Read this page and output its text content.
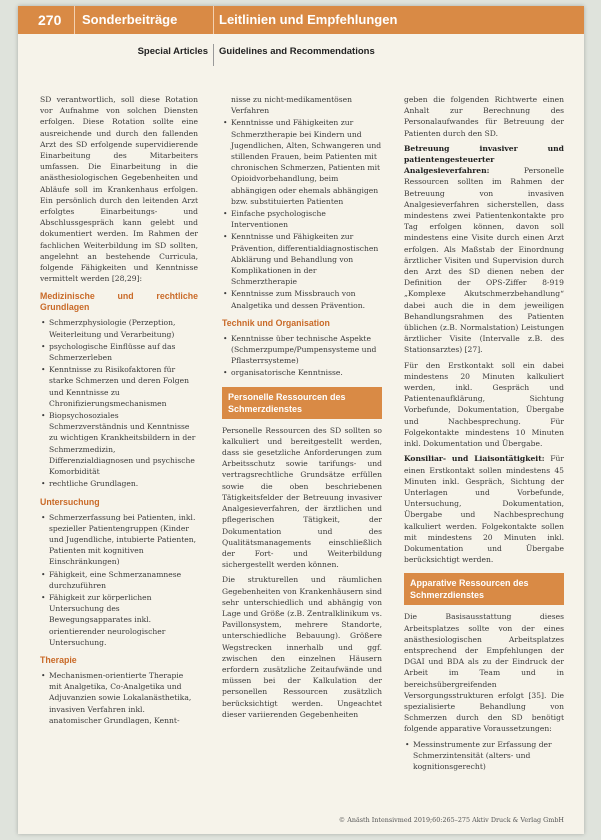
270 Sonderbeiträge	Leitlinien und Empfehlungen
Special Articles Guidelines and Recommendations

SD verantwortlich, soll diese Rotation vor Aufnahme von solchen Diensten erfolgen. Diese Rotation sollte eine ausreichende und durch den fallenden Arzt des SD erfolgende supervidierende Einarbeitung des Mitarbeiters umfassen. Die Einarbeitung in die anästhesiologischen Gegebenheiten und Abläufe soll im Krankenhaus erfolgen. Ein persönlich durch den leitenden Arzt erfolgtes Einarbeitungs- und Abschlussgespräch kann gelebt und dokumentiert werden. Im Rahmen der fachlichen Weiterbildung im SD sollten, angelehnt an bestehende Curricula, folgende Fähigkeiten und Kenntnisse vermittelt werden [28,29]:

Medizinische und rechtliche Grundlagen
• Schmerzphysiologie (Perzeption, Weiterleitung und Verarbeitung)
• psychologische Einflüsse auf das Schmerzerleben
• Kenntnisse zu Risikofaktoren für starke Schmerzen und deren Folgen und Kenntnisse zu Chronifizierungsmechanismen
• Biopsychosoziales Schmerzverständnis und Kenntnisse zu wichtigen Krankheitsbildern in der Schmerzmedizin, Differenzialdiagnosen und psychische Komorbidität
• rechtliche Grundlagen.
Untersuchung
• Schmerzerfassung bei Patienten, inkl. spezieller Patientengruppen (Kinder und Jugendliche, intubierte Patienten, Patienten mit kognitiven Einschränkungen)
• Fähigkeit, eine Schmerzanamnese durchzuführen
• Fähigkeit zur körperlichen Untersuchung des Bewegungsapparates inkl. orientierender neurologischer Untersuchung.
Therapie
• Mechanismen-orientierte Therapie mit Analgetika, Co-Analgetika und Adjuvanzien sowie Lokalanästhetika, invasiven Verfahren inkl. anatomischer Grundlagen, Kennt-
nisse zu nicht-medikamentösen Verfahren
• Kenntnisse und Fähigkeiten zur Schmerztherapie bei Kindern und Jugendlichen, Alten, Schwangeren und stillenden Frauen, beim Patienten mit chronischen Schmerzen, Patienten mit Opioidvorbehandlung, beim abhängigen oder ehemals abhängigen bzw. substituierten Patienten
• Einfache psychologische Interventionen
• Kenntnisse und Fähigkeiten zur Prävention, differentialdiagnostischen Abklärung und Behandlung von Komplikationen in der Schmerztherapie
• Kenntnisse zum Missbrauch von Analgetika und dessen Prävention.
Technik und Organisation
• Kenntnisse über technische Aspekte (Schmerzpumpe/Pumpensysteme und Pflasterrsysteme)
• organisatorische Kenntnisse.
Personelle Ressourcen des Schmerzdienstes

Personelle Ressourcen des SD sollten so kalkuliert und bereitgestellt werden, dass sie gesetzliche Anforderungen zum Arbeitsschutz sowie tarifungs- und vertragsrechtliche Grundsätze erfüllen sowie die oben beschriebenen Tätigkeitsfelder der Betreuung invasiver Analgesieverfahren, der ärztlichen und pflegerischen Tätigkeit, der Dokumentation und des Qualitätsmanagements einschließlich der Fort- und Weiterbildung sichergestellt werden können.

Die strukturellen und räumlichen Gegebenheiten von Krankenhäusern sind sehr unterschiedlich und abhängig von Lage und Größe (z.B. Zentralklinikum vs. Pavillonsystem, mehrere Standorte, unterschiedliche Bebauung). Größere Wegstrecken innerhalb und ggf. zwischen den einzelnen Häusern erfordern zusätzliche Zeitaufwände und müssen bei der Kalkulation der personellen Ressourcen zusätzlich berücksichtigt werden. Ungeachtet dieser variierenden Gegebenheiten

geben die folgenden Richtwerte einen Anhalt zur Berechnung des Personalaufwandes für Betreuung der Patienten durch den SD.

Betreuung invasiver und patientengesteuerter Analgesieverfahren:	Personelle Ressourcen sollten im Rahmen der Betreuung von invasiven Analgesieverfahren sicherstellen, dass mindestens zwei Patientenkontakte pro Tag erfolgen können, davon soll mindestens eine Visite durch einen Arzt erfolgen. Als Maßstab der Einordnung ärztlicher Visiten und Supervision durch den Arzt des SD dienen neben der Definition der OPS-Ziffer 8-919 „Komplexe Akutschmerzbehandlung“ dabei auch die in dem jeweiligen Behandlungsrahmen des Patienten üblichen (z.B. Normalstation) Leistungen ärztlicher Visite (Intervalle z.B. des Stationsarztes) [27].

Für den Erstkontakt soll ein dabei mindestens 20 Minuten kalkuliert werden, inkl. Gespräch und Patientenaufklärung, Sichtung Vorbefunde, Dokumentation, Übergabe und Nachbesprechung. Für Folgekontakte mindestens 10 Minuten inkl. Dokumentation und Übergabe.

Konsiliar- und Liaisontätigkeit: Für einen Erstkontakt sollen mindestens 45 Minuten inkl. Gespräch, Sichtung der Unterlagen und Vorbefunde, Untersuchung, Dokumentation, Übergabe und Nachbesprechung kalkuliert werden. Folgekontakte sollen mit mindestens 20 Minuten inkl. Dokumentation und Übergabe berücksichtigt werden.

Apparative Ressourcen des Schmerzdienstes

Die Basisausstattung dieses Arbeitsplatzes sollte von der eines anästhesiologischen Arbeitsplatzes entsprechend der Empfehlungen der DGAI und BDA als zu der Eindruck der Arbeit im Team und in bereichsübergreifenden Versorgungsstrukturen erfolgt [35]. Die spezialisierte Behandlung von Schmerzen durch den SD benötigt folgende apparative Voraussetzungen:

• Messinstrumente zur Erfassung der Schmerzintensität (alters- und kognitionsgerecht)
© Anästh Intensivmed 2019;60:265–275 Aktiv Druck & Verlag GmbH
